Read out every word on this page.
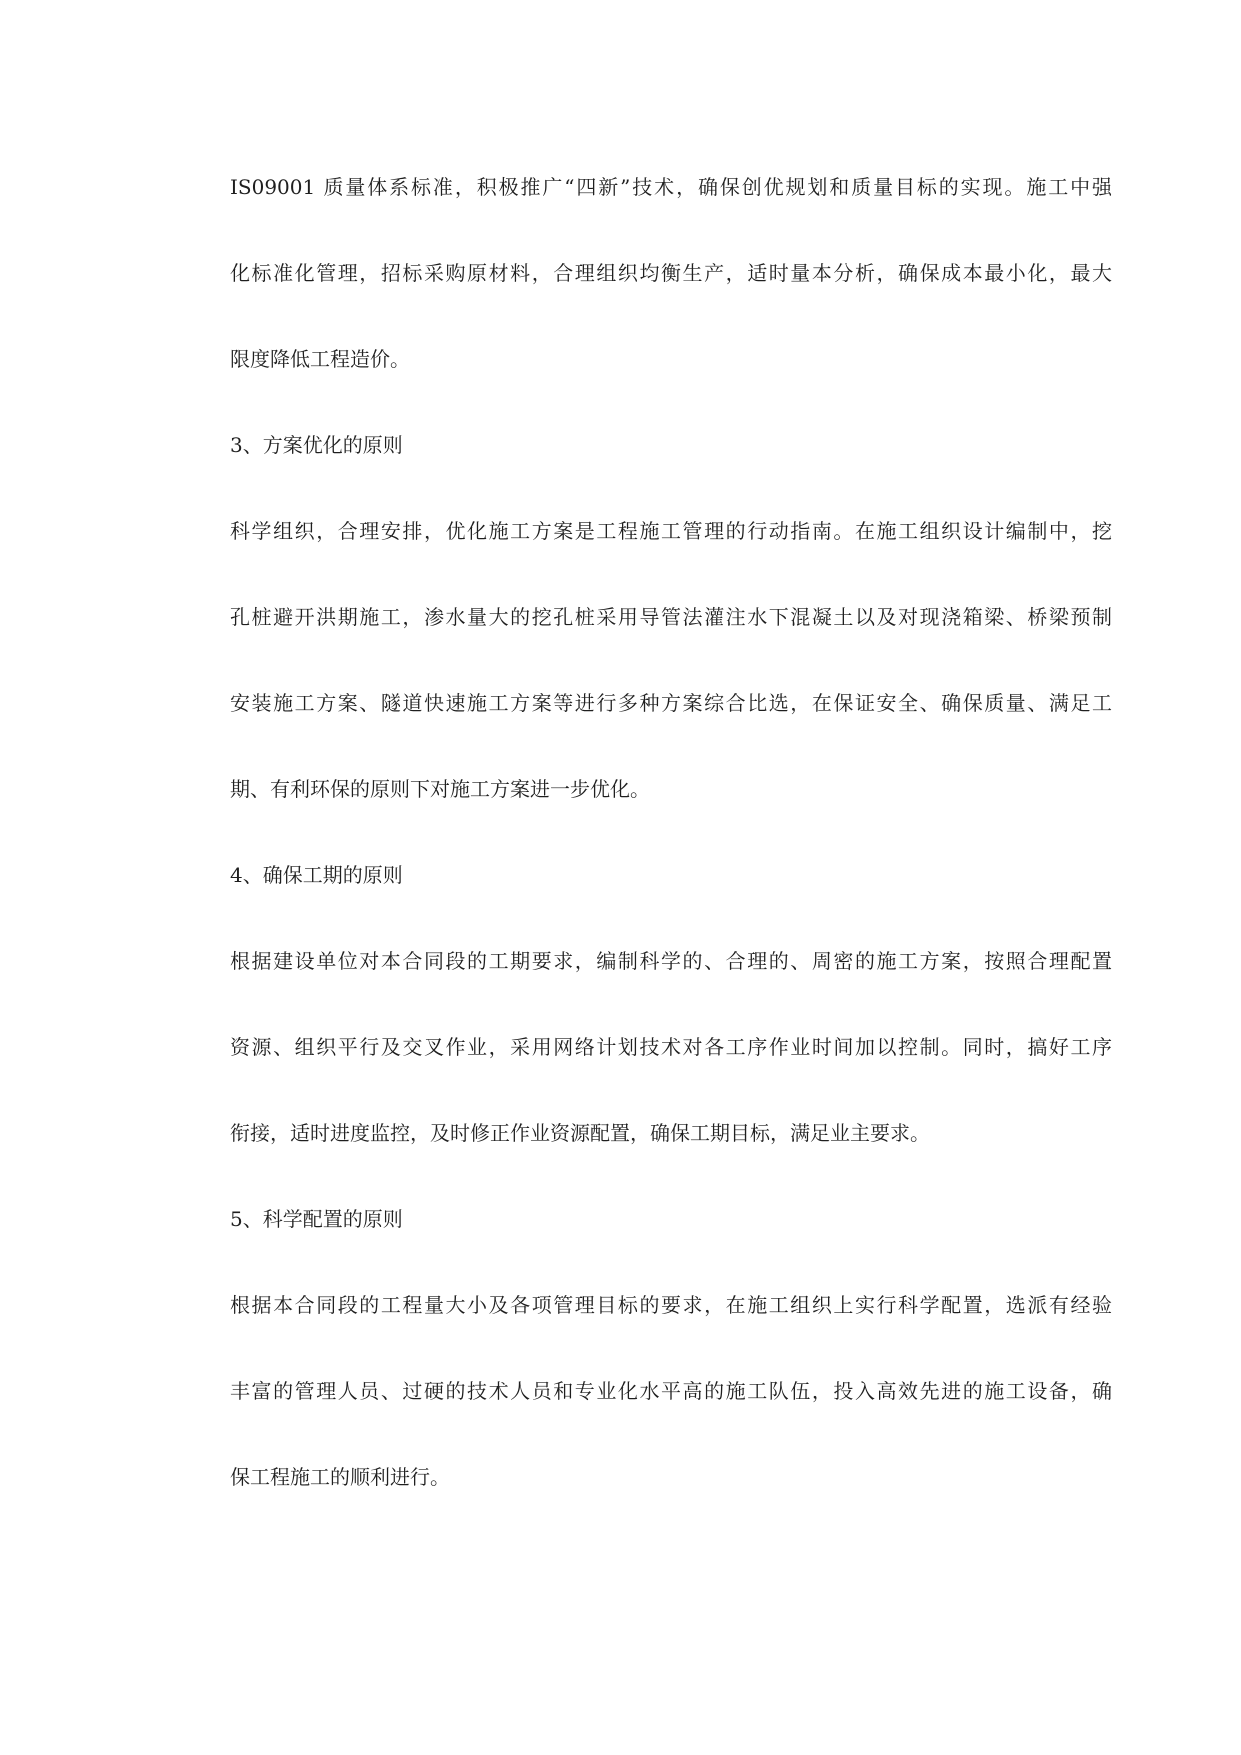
IS09001 质量体系标准，积极推广“四新”技术，确保创优规划和质量目标的实现。施工中强
化标准化管理，招标采购原材料，合理组织均衡生产，适时量本分析，确保成本最小化，最大
限度降低工程造价。
3、方案优化的原则
科学组织，合理安排，优化施工方案是工程施工管理的行动指南。在施工组织设计编制中，挖
孔桩避开洪期施工，渗水量大的挖孔桩采用导管法灌注水下混凝土以及对现浇箱梁、桥梁预制
安装施工方案、隧道快速施工方案等进行多种方案综合比选，在保证安全、确保质量、满足工
期、有利环保的原则下对施工方案进一步优化。
4、确保工期的原则
根据建设单位对本合同段的工期要求，编制科学的、合理的、周密的施工方案，按照合理配置
资源、组织平行及交叉作业，采用网络计划技术对各工序作业时间加以控制。同时，搞好工序
衔接，适时进度监控，及时修正作业资源配置，确保工期目标，满足业主要求。
5、科学配置的原则
根据本合同段的工程量大小及各项管理目标的要求，在施工组织上实行科学配置，选派有经验
丰富的管理人员、过硬的技术人员和专业化水平高的施工队伍，投入高效先进的施工设备，确
保工程施工的顺利进行。
